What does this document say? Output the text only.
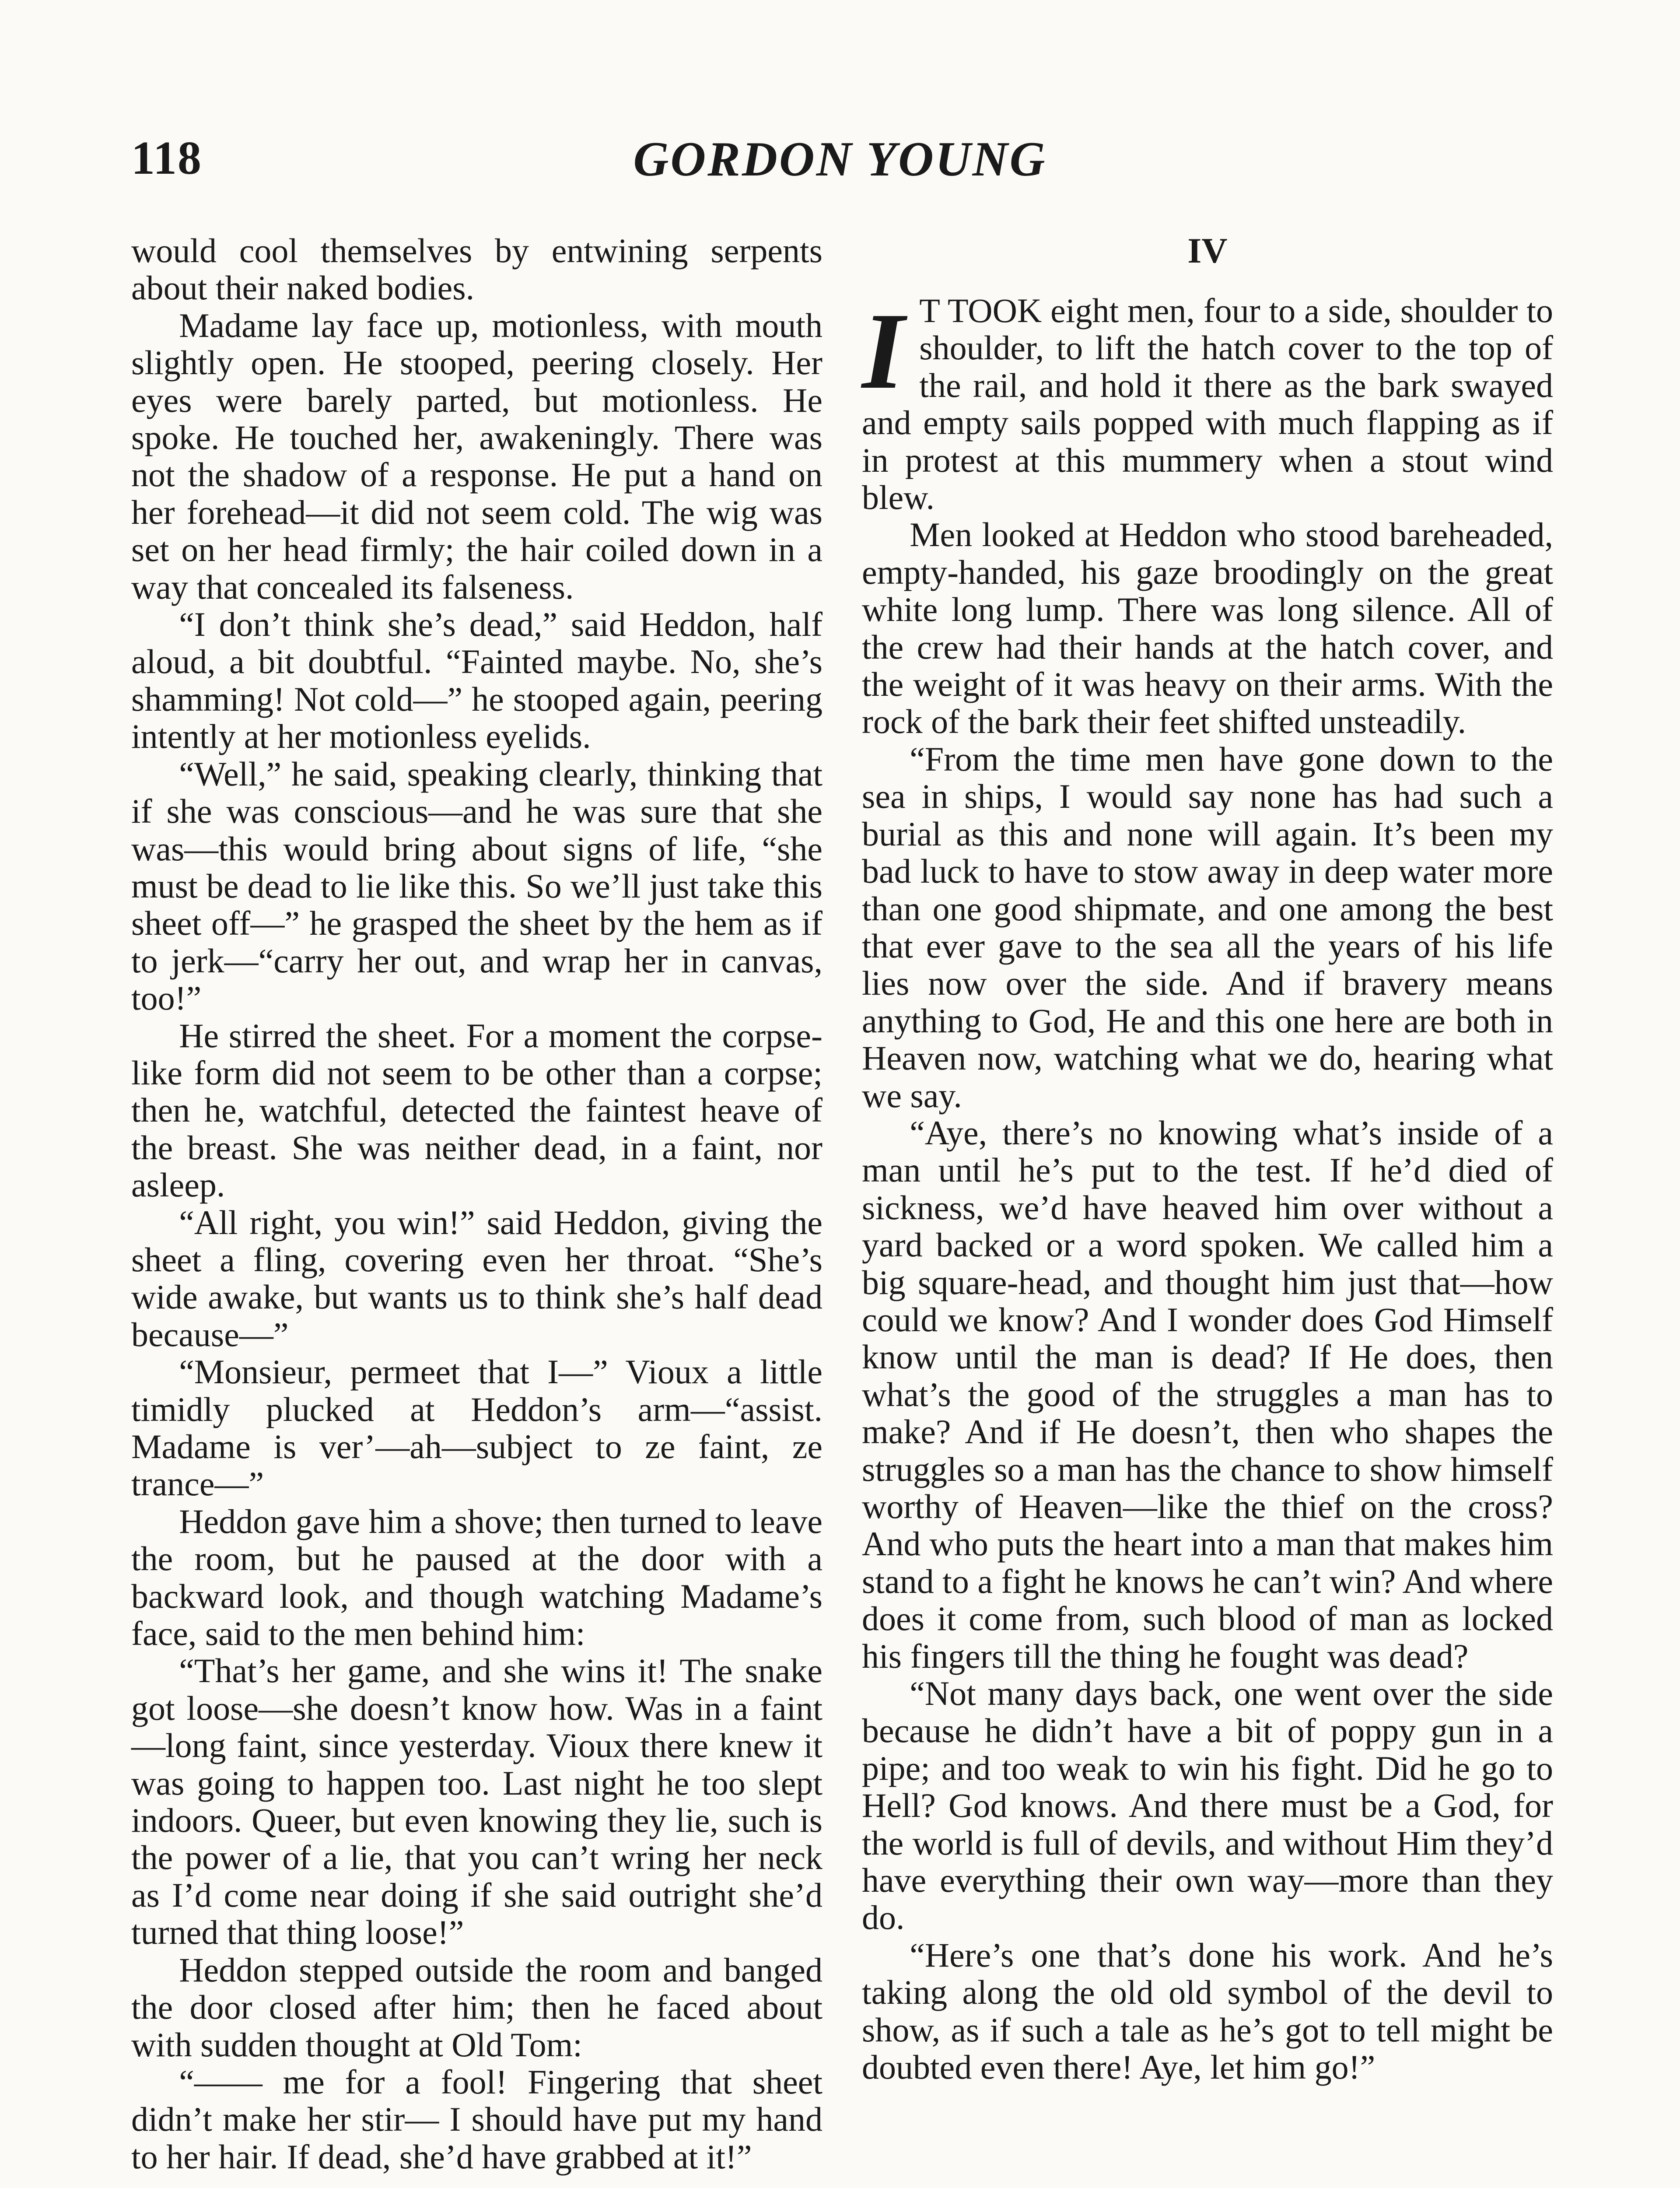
118	GORDON YOUNG

would cool themselves by entwining serpents about their naked bodies.

Madame lay face up, motionless, with mouth slightly open. He stooped, peering closely. Her eyes were barely parted, but motionless. He spoke. He touched her, awakeningly. There was not the shadow of a response. He put a hand on her forehead—it did not seem cold. The wig was set on her head firmly; the hair coiled down in a way that concealed its falseness.

“I don’t think she’s dead,” said Heddon, half aloud, a bit doubtful. “Fainted maybe. No, she’s shamming! Not cold—” he stooped again, peering intently at her motionless eyelids.

“Well,” he said, speaking clearly, thinking that if she was conscious—and he was sure that she was—this would bring about signs of life, “she must be dead to lie like this. So we’ll just take this sheet off—” he grasped the sheet by the hem as if to jerk—“carry her out, and wrap her in canvas, too!”

He stirred the sheet. For a moment the corpse-like form did not seem to be other than a corpse; then he, watchful, detected the faintest heave of the breast. She was neither dead, in a faint, nor asleep.

“All right, you win!” said Heddon, giving the sheet a fling, covering even her throat. “She’s wide awake, but wants us to think she’s half dead because—”

“Monsieur, permeet that I—” Vioux a little timidly plucked at Heddon’s arm—“assist. Madame is ver’—ah—subject to ze faint, ze trance—”

Heddon gave him a shove; then turned to leave the room, but he paused at the door with a backward look, and though watching Madame’s face, said to the men behind him:

“That’s her game, and she wins it! The snake got loose—she doesn’t know how. Was in a faint—long faint, since yesterday. Vioux there knew it was going to happen too. Last night he too slept indoors. Queer, but even knowing they lie, such is the power of a lie, that you can’t wring her neck as I’d come near doing if she said outright she’d turned that thing loose!”

Heddon stepped outside the room and banged the door closed after him; then he faced about with sudden thought at Old Tom:

“—— me for a fool! Fingering that sheet didn’t make her stir— I should have put my hand to her hair. If dead, she’d have grabbed at it!”

IV

I T TOOK eight men, four to a side, shoulder to shoulder, to lift the hatch cover to the top of the rail, and hold it there as the bark swayed and empty sails popped with much flapping as if in protest at this mummery when a stout wind blew.

Men looked at Heddon who stood bareheaded, empty-handed, his gaze broodingly on the great white long lump. There was long silence. All of the crew had their hands at the hatch cover, and the weight of it was heavy on their arms. With the rock of the bark their feet shifted unsteadily.

“From the time men have gone down to the sea in ships, I would say none has had such a burial as this and none will again. It’s been my bad luck to have to stow away in deep water more than one good shipmate, and one among the best that ever gave to the sea all the years of his life lies now over the side. And if bravery means anything to God, He and this one here are both in Heaven now, watching what we do, hearing what we say.

“Aye, there’s no knowing what’s inside of a man until he’s put to the test. If he’d died of sickness, we’d have heaved him over without a yard backed or a word spoken. We called him a big square-head, and thought him just that—how could we know? And I wonder does God Himself know until the man is dead? If He does, then what’s the good of the struggles a man has to make? And if He doesn’t, then who shapes the struggles so a man has the chance to show himself worthy of Heaven—like the thief on the cross? And who puts the heart into a man that makes him stand to a fight he knows he can’t win? And where does it come from, such blood of man as locked his fingers till the thing he fought was dead?

“Not many days back, one went over the side because he didn’t have a bit of poppy gun in a pipe; and too weak to win his fight. Did he go to Hell? God knows. And there must be a God, for the world is full of devils, and without Him they’d have everything their own way—more than they do.

“Here’s one that’s done his work. And he’s taking along the old old symbol of the devil to show, as if such a tale as he’s got to tell might be doubted even there! Aye, let him go!”
